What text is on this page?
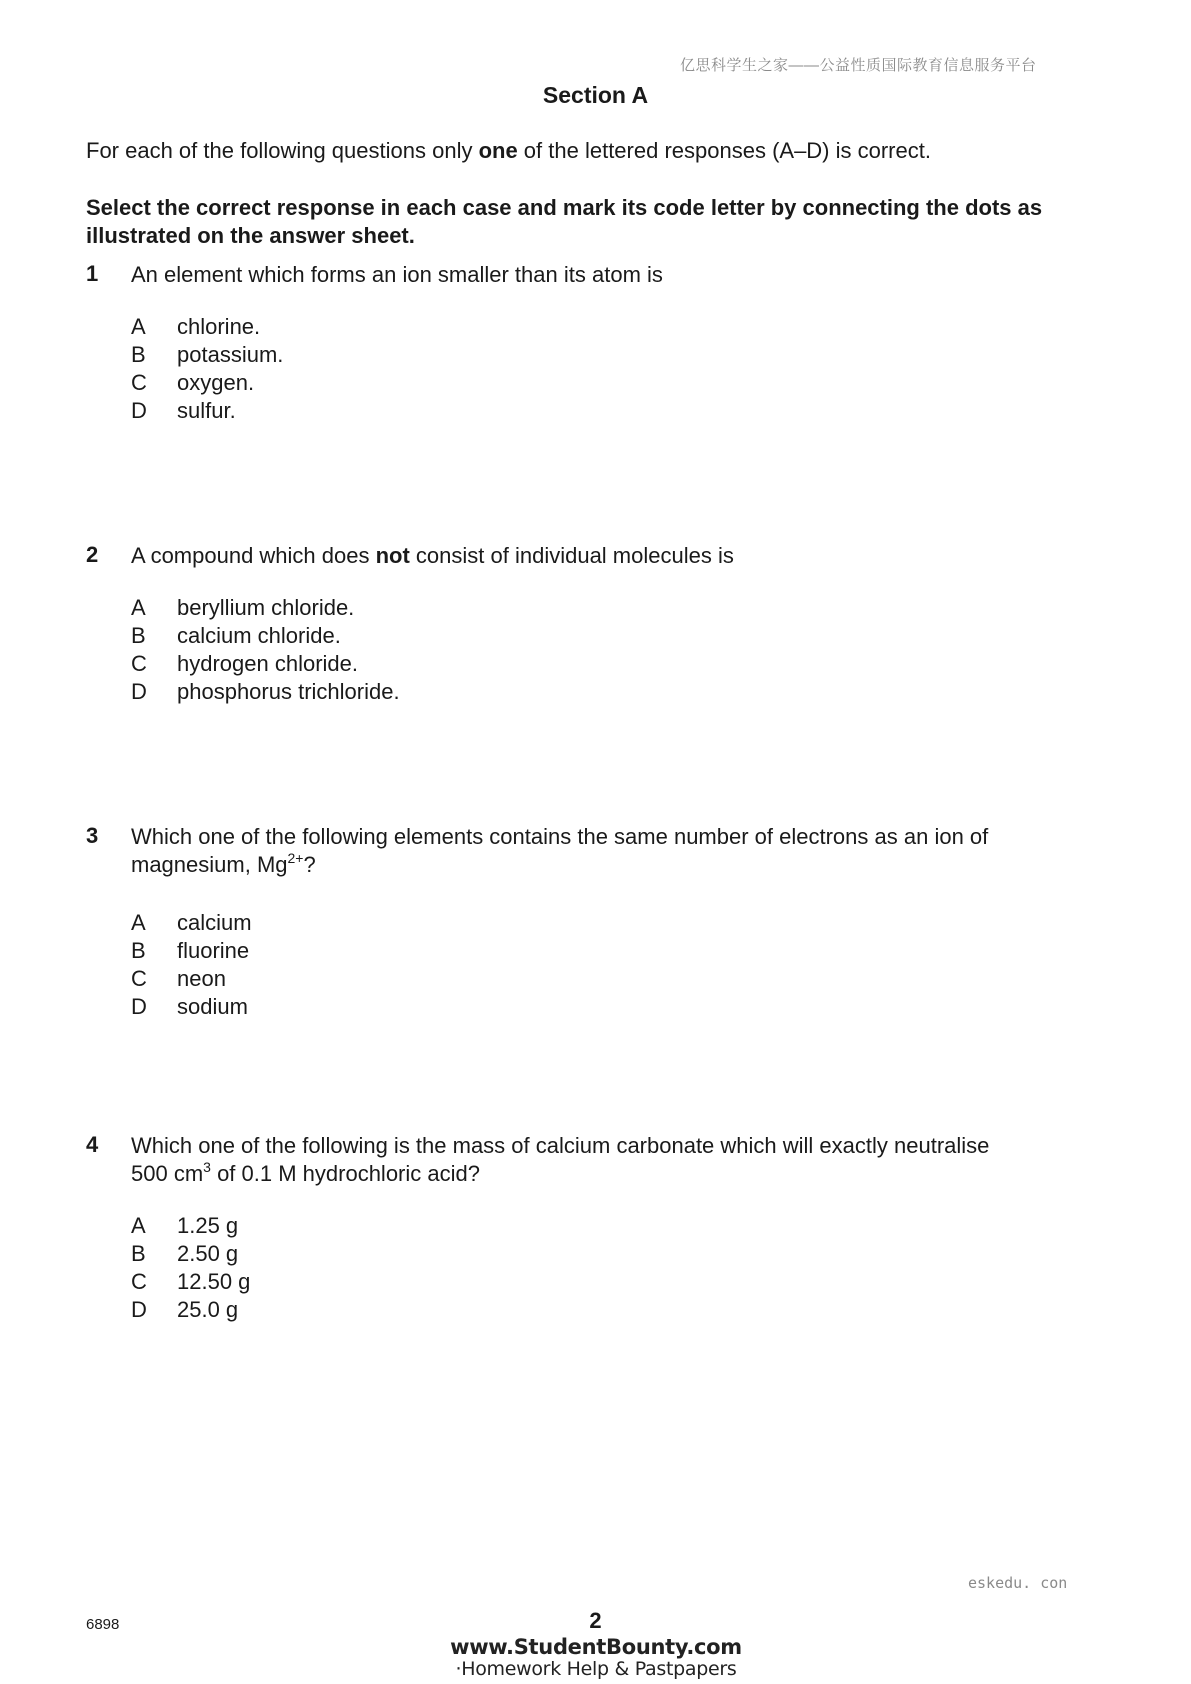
亿思科学生之家——公益性质国际教育信息服务平台
Section A
For each of the following questions only one of the lettered responses (A–D) is correct.
Select the correct response in each case and mark its code letter by connecting the dots as illustrated on the answer sheet.
1 An element which forms an ion smaller than its atom is
A chlorine.
B potassium.
C oxygen.
D sulfur.
2 A compound which does not consist of individual molecules is
A beryllium chloride.
B calcium chloride.
C hydrogen chloride.
D phosphorus trichloride.
3 Which one of the following elements contains the same number of electrons as an ion of
magnesium, $Mg^{2+}$?
A calcium
B fluorine
C neon
D sodium
4 Which one of the following is the mass of calcium carbonate which will exactly neutralise
500 $cm^3$ of 0.1 M hydrochloric acid?
A 1.25 g
B 2.50 g
C 12.50 g
D 25.0 g
eskedu. con
6898	2
www.StudentBounty.com
·Homework Help & Pastpapers
